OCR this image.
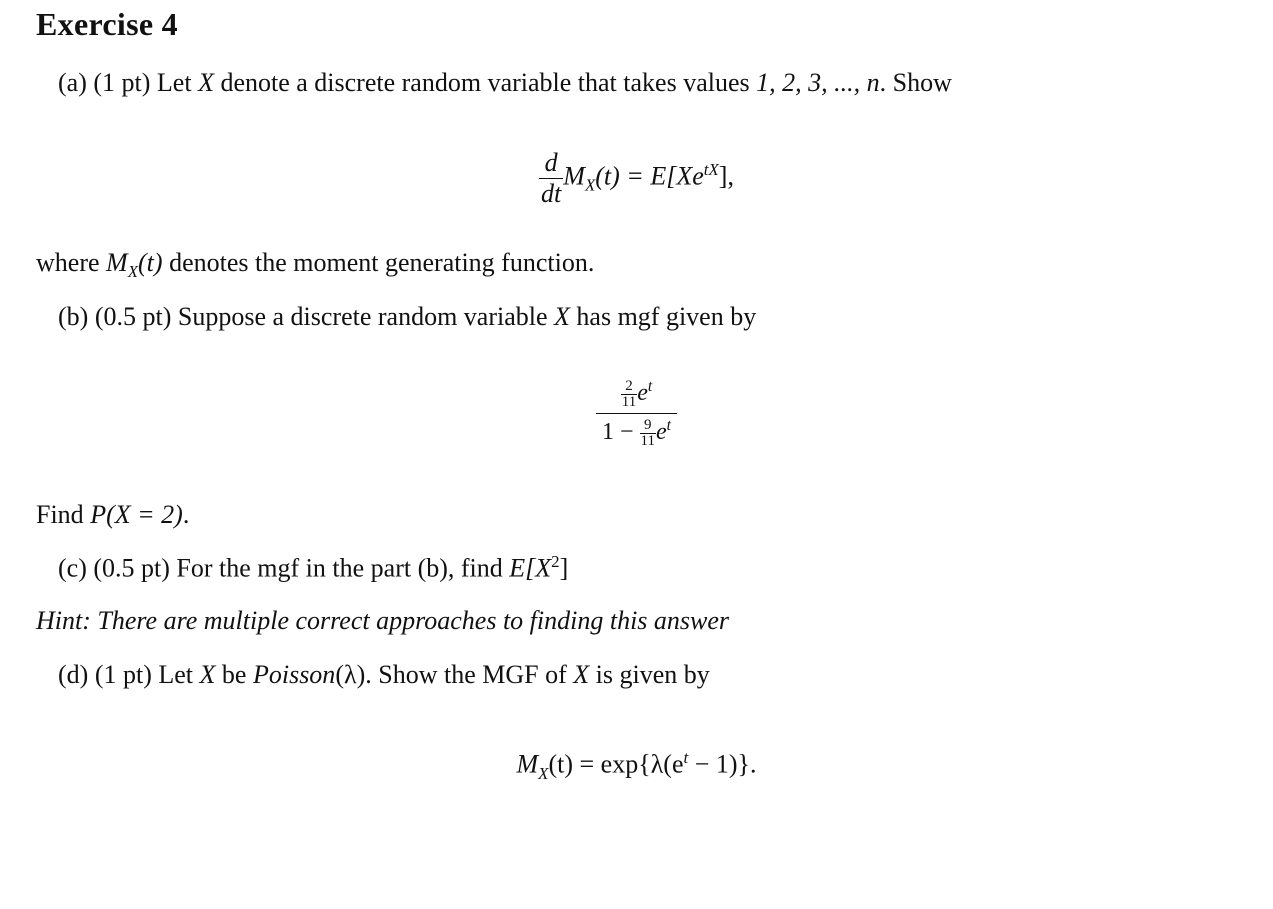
Exercise 4
(a) (1 pt) Let X denote a discrete random variable that takes values 1, 2, 3, ..., n. Show
$\frac{d}{dt} M_X(t) = E[Xe^{tX}]$,
where $M_X(t)$ denotes the moment generating function.
(b) (0.5 pt) Suppose a discrete random variable X has mgf given by
$\frac{\frac{2}{11} e^t}{1 - \frac{9}{11} e^t}$
Find P(X = 2).
(c) (0.5 pt) For the mgf in the part (b), find $E[X^2]$
Hint: There are multiple correct approaches to finding this answer
(d) (1 pt) Let X be Poisson(λ). Show the MGF of X is given by
$M_X(t) = \exp\{\lambda(e^t - 1)\}$.
